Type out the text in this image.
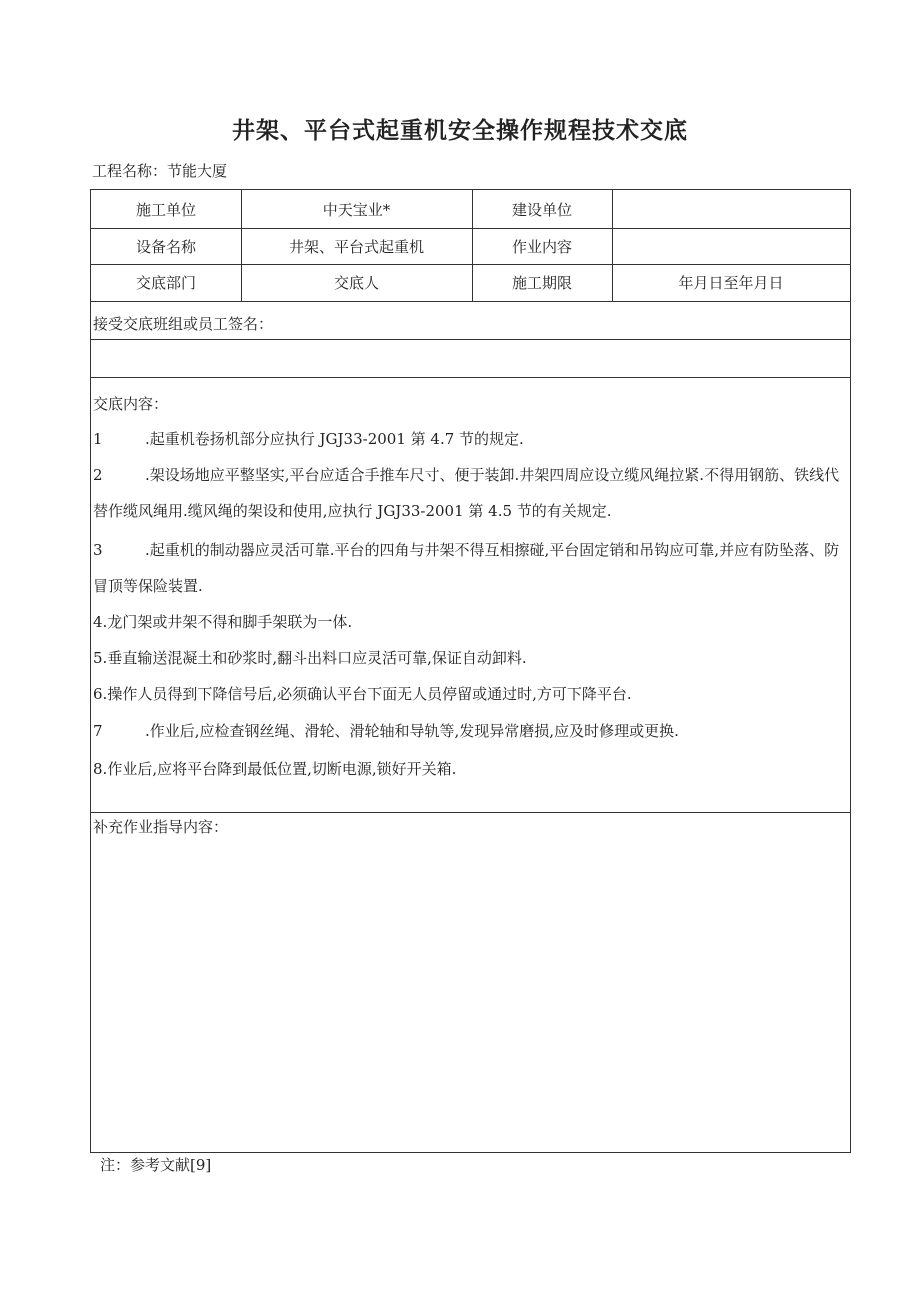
井架、平台式起重机安全操作规程技术交底
工程名称：节能大厦
施工单位	中天宝业*	建设单位
设备名称	井架、平台式起重机	作业内容
交底部门	交底人	施工期限	年月日至年月日
接受交底班组或员工签名：
交底内容：
1	.起重机卷扬机部分应执行 JGJ33-2001 第 4.7 节的规定.
2	.架设场地应平整坚实,平台应适合手推车尺寸、便于装卸.井架四周应设立缆风绳拉紧.不得用钢筋、铁线代替作缆风绳用.缆风绳的架设和使用,应执行 JGJ33-2001 第 4.5 节的有关规定.
3	.起重机的制动器应灵活可靠.平台的四角与井架不得互相擦碰,平台固定销和吊钩应可靠,并应有防坠落、防冒顶等保险装置.
4.龙门架或井架不得和脚手架联为一体.
5.垂直输送混凝土和砂浆时,翻斗出料口应灵活可靠,保证自动卸料.
6.操作人员得到下降信号后,必须确认平台下面无人员停留或通过时,方可下降平台.
7	.作业后,应检查钢丝绳、滑轮、滑轮轴和导轨等,发现异常磨损,应及时修理或更换.
8.作业后,应将平台降到最低位置,切断电源,锁好开关箱.
补充作业指导内容：
注：参考文献[9]
